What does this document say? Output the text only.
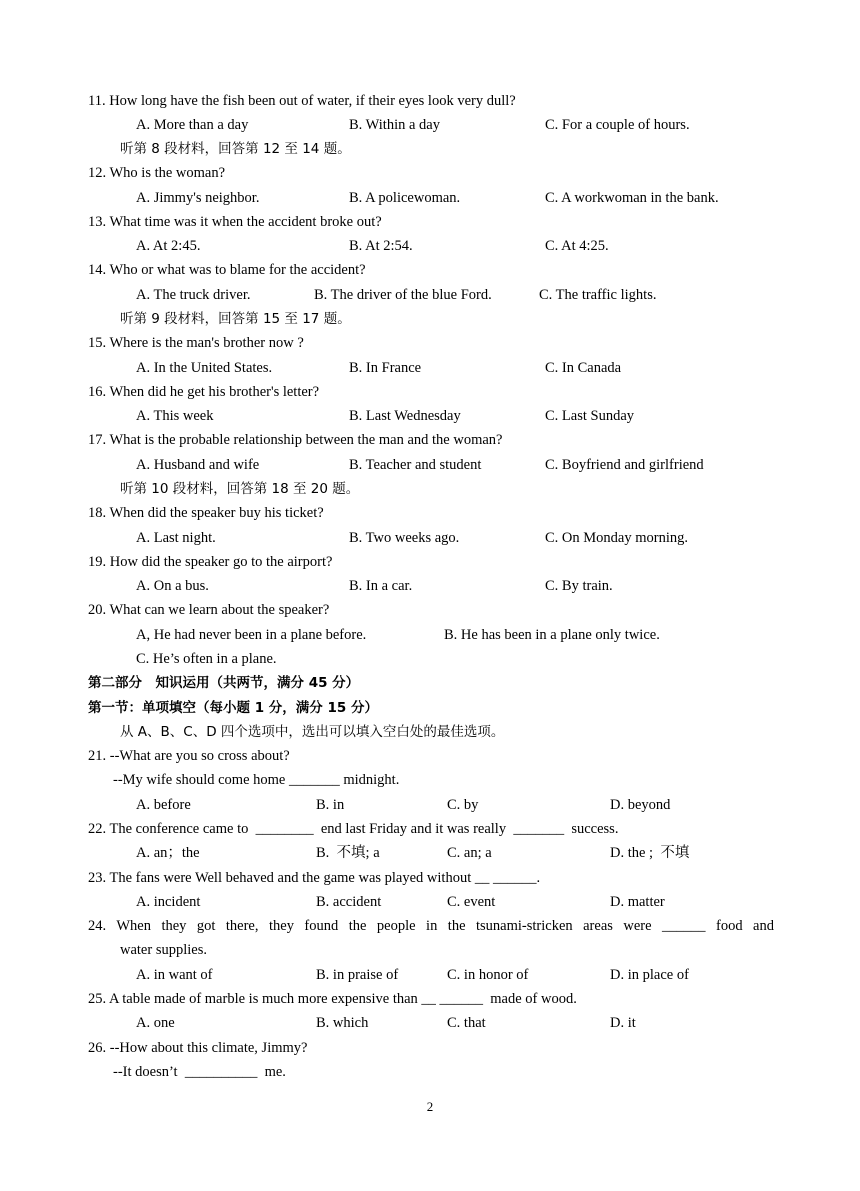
11. How long have the fish been out of water, if their eyes look very dull?
A. More than a day	B. Within a day	C. For a couple of hours.
听第 8 段材料，回答第 12 至 14 题。
12. Who is the woman?
A. Jimmy's neighbor.	B. A policewoman.	C. A workwoman in the bank.
13. What time was it when the accident broke out?
A. At 2:45.	B. At 2:54.	C. At 4:25.
14. Who or what was to blame for the accident?
A. The truck driver.	B. The driver of the blue Ford.	C. The traffic lights.
听第 9 段材料，回答第 15 至 17 题。
15. Where is the man's brother now ?
A. In the United States.	B. In France	C. In Canada
16. When did he get his brother's letter?
A. This week	B. Last Wednesday	C. Last Sunday
17. What is the probable relationship between the man and the woman?
A. Husband and wife	B. Teacher and student	C. Boyfriend and girlfriend
听第 10 段材料，回答第 18 至 20 题。
18. When did the speaker buy his ticket?
A. Last night.	B. Two weeks ago.	C. On Monday morning.
19. How did the speaker go to the airport?
A. On a bus.	B. In a car.	C. By train.
20. What can we learn about the speaker?
A, He had never been in a plane before.	B. He has been in a plane only twice.
C. He’s often in a plane.
第二部分　知识运用（共两节，满分 45 分）
第一节：单项填空（每小题 1 分，满分 15 分）
从 A、B、C、D 四个选项中，选出可以填入空白处的最佳选项。
21. --What are you so cross about?
--My wife should come home _______ midnight.
A. before	B. in	C. by	D. beyond
22. The conference came to  ________  end last Friday and it was really  _______  success.
A. an；the	B.  不填; a	C. an; a	D. the ;  不填
23. The fans were Well behaved and the game was played without __ ______.
A. incident	B. accident	C. event	D. matter
24. When they got there, they found the people in the tsunami-stricken areas were ______ food and
water supplies.
A. in want of	B. in praise of	C. in honor of	D. in place of
25. A table made of marble is much more expensive than __ ______  made of wood.
A. one	B. which	C. that	D. it
26. --How about this climate, Jimmy?
--It doesn’t  __________  me.
2
